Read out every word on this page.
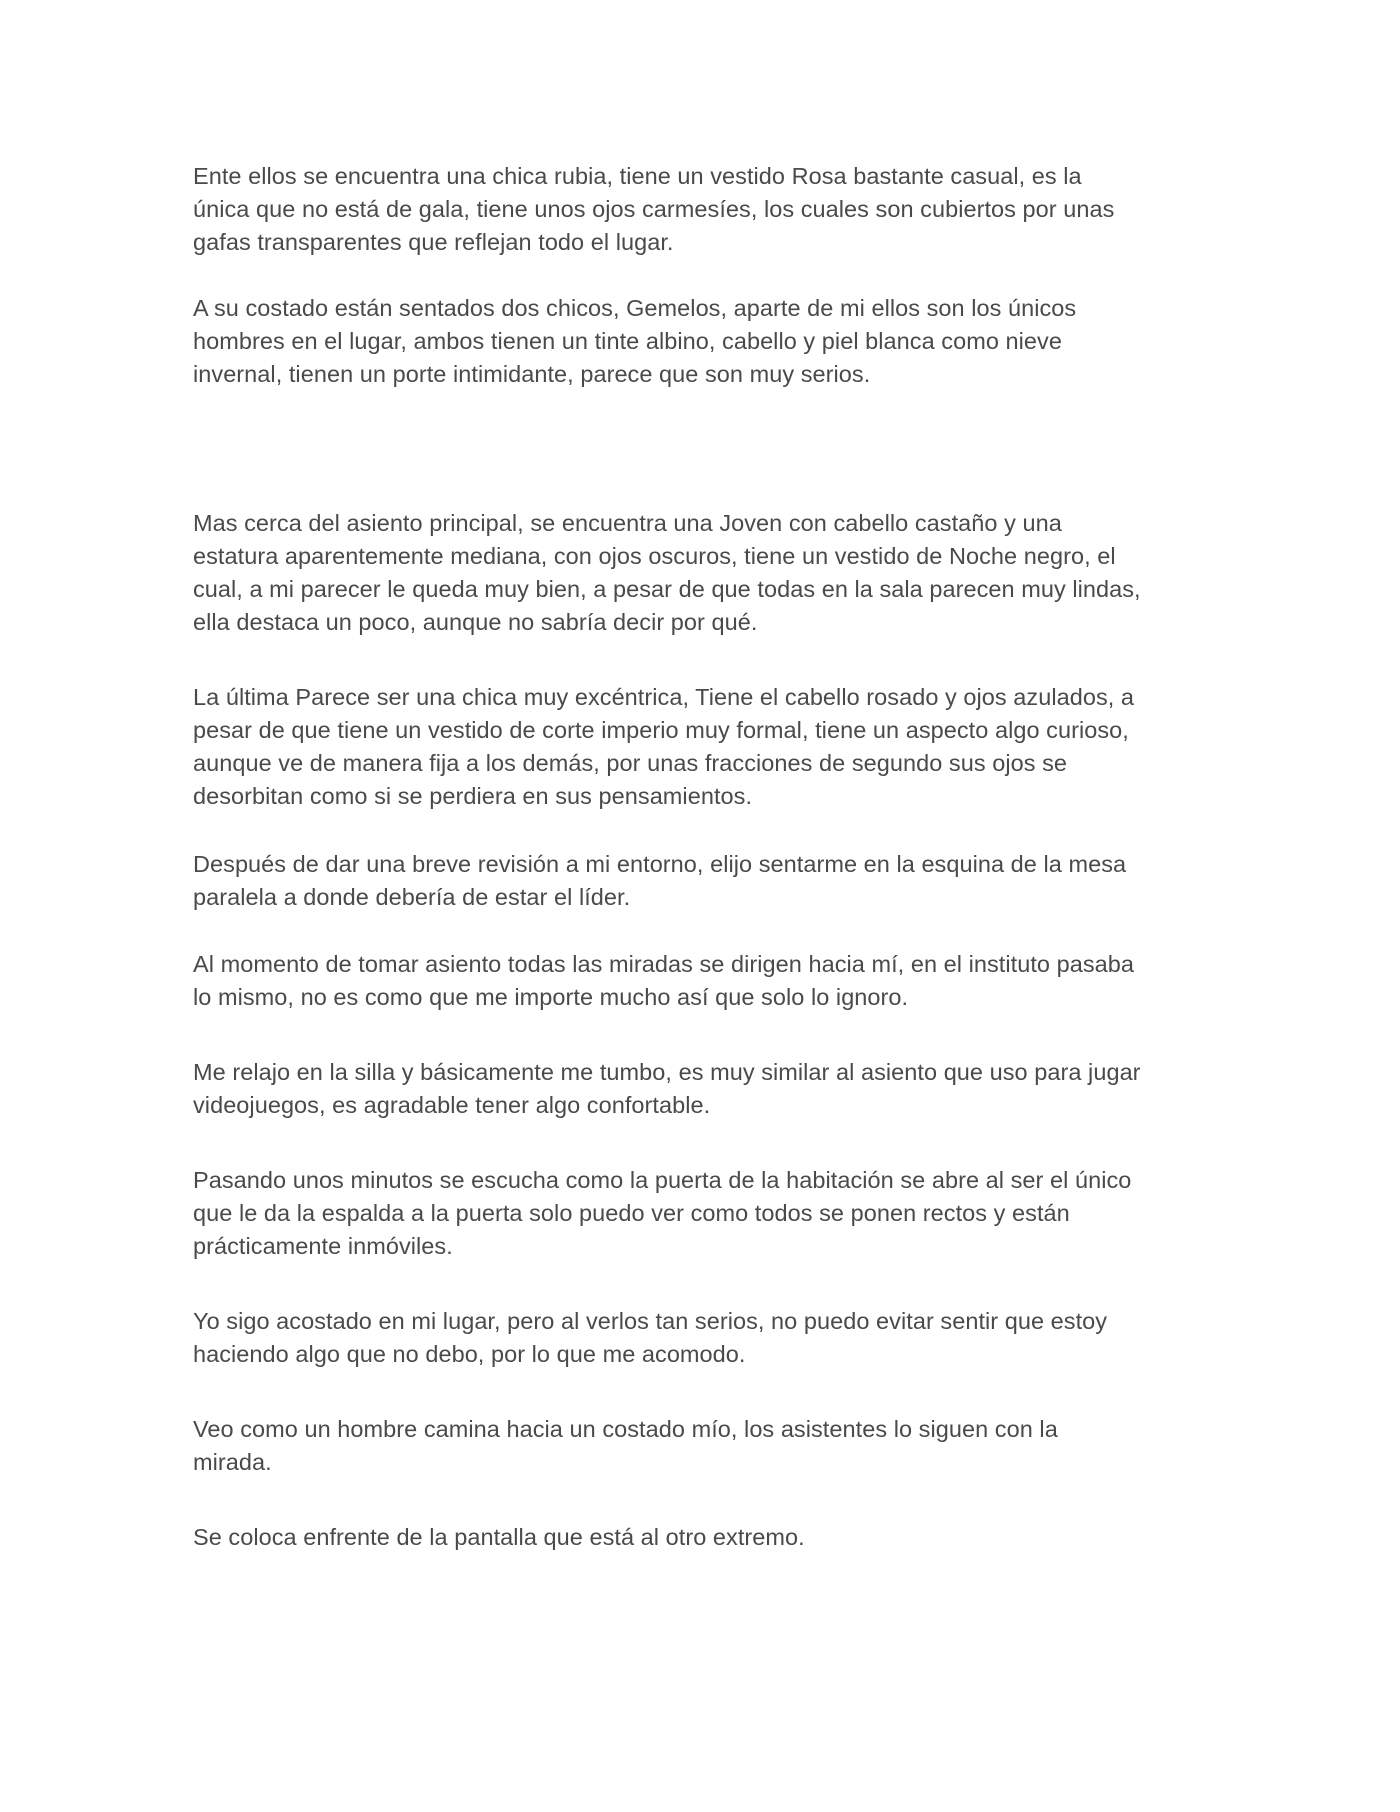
Ente ellos se encuentra una chica rubia, tiene un vestido Rosa bastante casual, es la
única que no está de gala, tiene unos ojos carmesíes, los cuales son cubiertos por unas
gafas transparentes que reflejan todo el lugar.

A su costado están sentados dos chicos, Gemelos, aparte de mi ellos son los únicos
hombres en el lugar, ambos tienen un tinte albino, cabello y piel blanca como nieve
invernal, tienen un porte intimidante, parece que son muy serios.

Mas cerca del asiento principal, se encuentra una Joven con cabello castaño y una
estatura aparentemente mediana, con ojos oscuros, tiene un vestido de Noche negro, el
cual, a mi parecer le queda muy bien, a pesar de que todas en la sala parecen muy lindas,
ella destaca un poco, aunque no sabría decir por qué.

La última Parece ser una chica muy excéntrica, Tiene el cabello rosado y ojos azulados, a
pesar de que tiene un vestido de corte imperio muy formal, tiene un aspecto algo curioso,
aunque ve de manera fija a los demás, por unas fracciones de segundo sus ojos se
desorbitan como si se perdiera en sus pensamientos.

Después de dar una breve revisión a mi entorno, elijo sentarme en la esquina de la mesa
paralela a donde debería de estar el líder.

Al momento de tomar asiento todas las miradas se dirigen hacia mí, en el instituto pasaba
lo mismo, no es como que me importe mucho así que solo lo ignoro.

Me relajo en la silla y básicamente me tumbo, es muy similar al asiento que uso para jugar
videojuegos, es agradable tener algo confortable.

Pasando unos minutos se escucha como la puerta de la habitación se abre al ser el único
que le da la espalda a la puerta solo puedo ver como todos se ponen rectos y están
prácticamente inmóviles.

Yo sigo acostado en mi lugar, pero al verlos tan serios, no puedo evitar sentir que estoy
haciendo algo que no debo, por lo que me acomodo.

Veo como un hombre camina hacia un costado mío, los asistentes lo siguen con la
mirada.

Se coloca enfrente de la pantalla que está al otro extremo.
